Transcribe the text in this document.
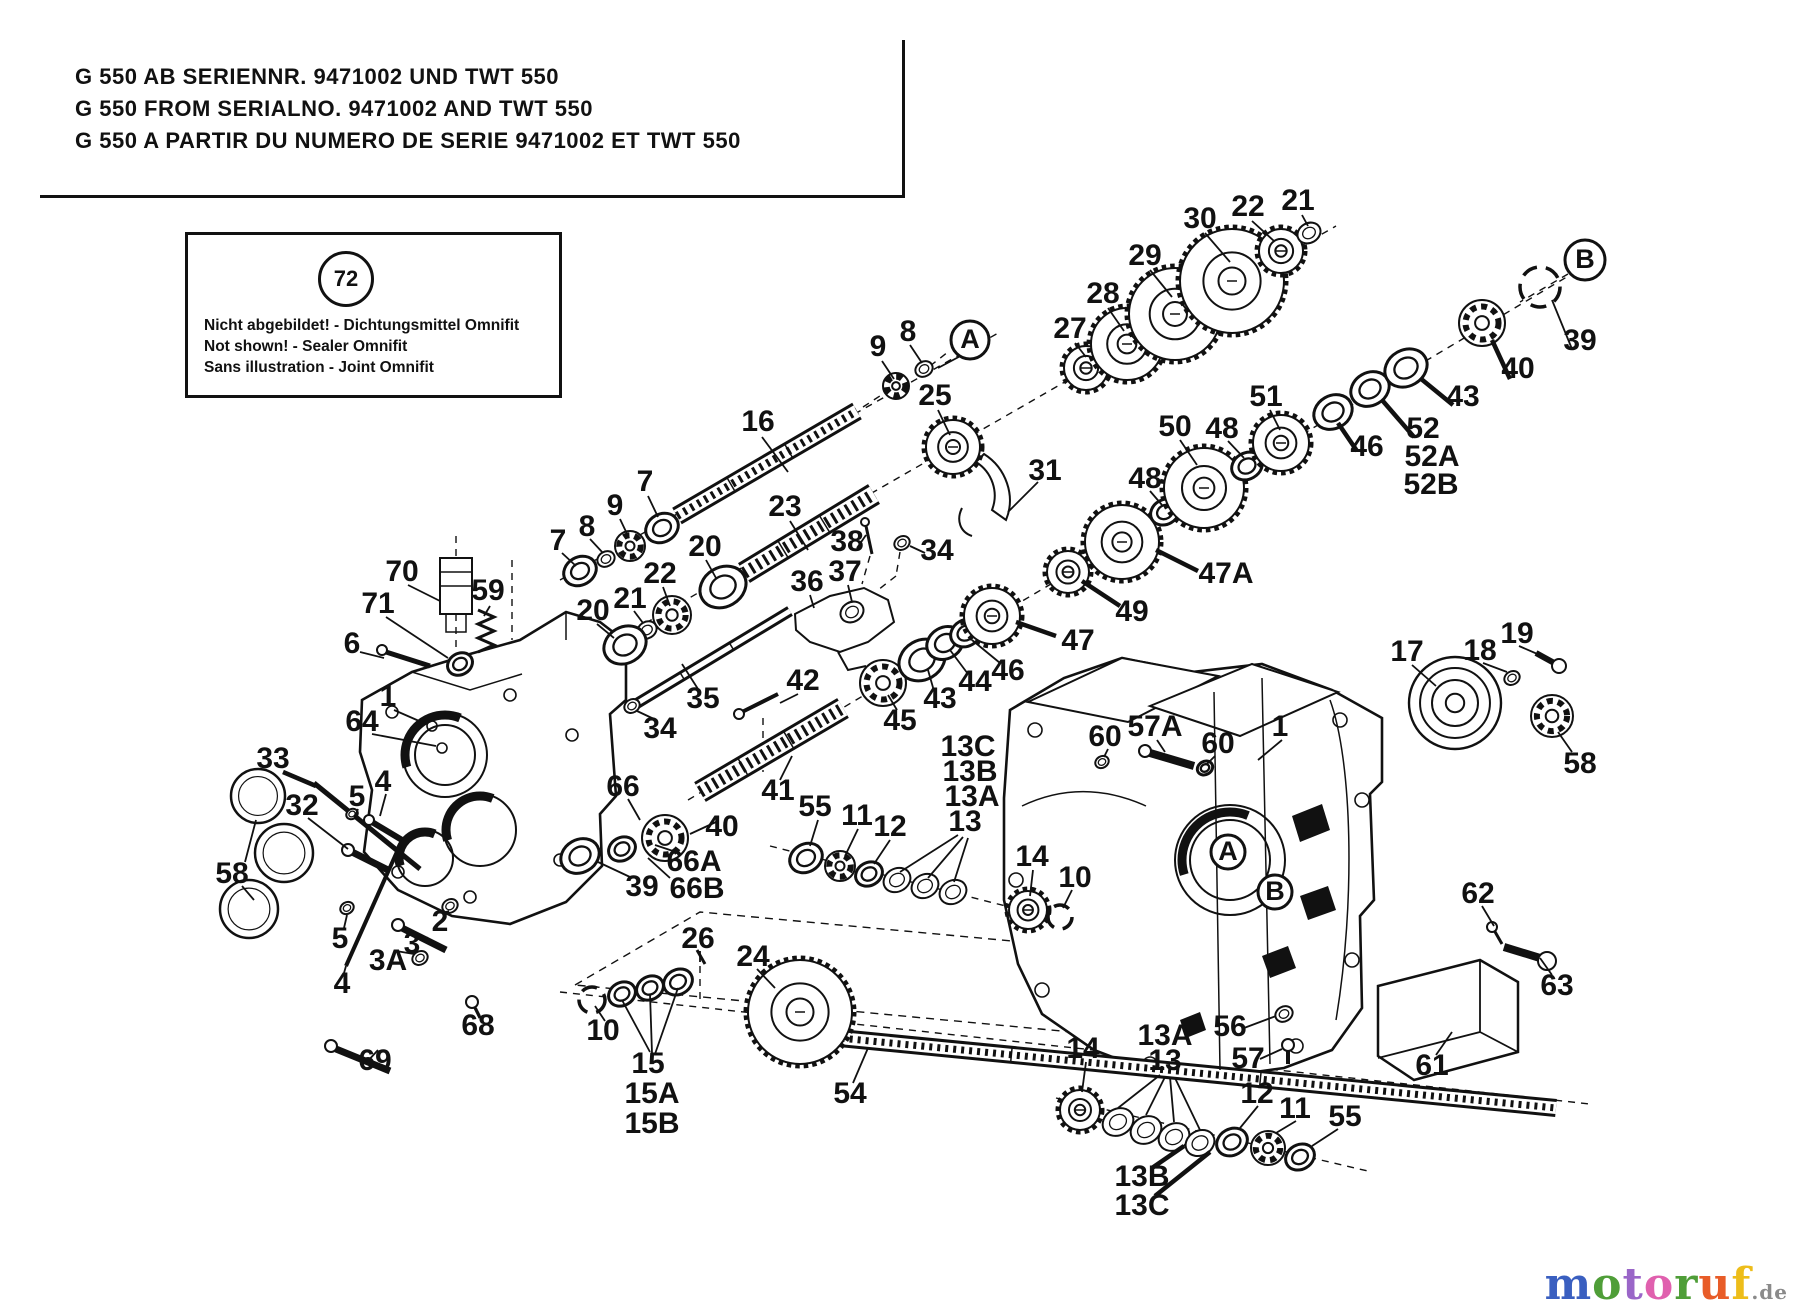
G 550 AB SERIENNR. 9471002 UND TWT 550
G 550 FROM SERIALNO. 9471002 AND TWT 550
G 550 A PARTIR DU NUMERO DE SERIE 9471002 ET TWT 550
72
Nicht abgebildet! - Dichtungsmittel Omnifit
Not shown! - Sealer Omnifit
Sans illustration - Joint Omnifit
30 22 21
29
28
27
8
9
25
16
7
9
8
7
23
20
22
21
20
38
37
36
34
31
51
50 48
48
46
52
52A
52B
43
40
39
47A
49
47
46
44
43
45
70
71	59
6
1
64
33
32 5 4
58
5
4
2
3
3A
68
69
35
34
42
41
66
40
66A
66B
39
55 11 12
13C
13B
13A
13
14
10
17 18
19
60 57A
60
1
58
62
63
61
56
57
26
24
10
15
15A
15B
54
14 13A
13
12 11 55
13B
13C
A
B
A
B
motoruf.de
